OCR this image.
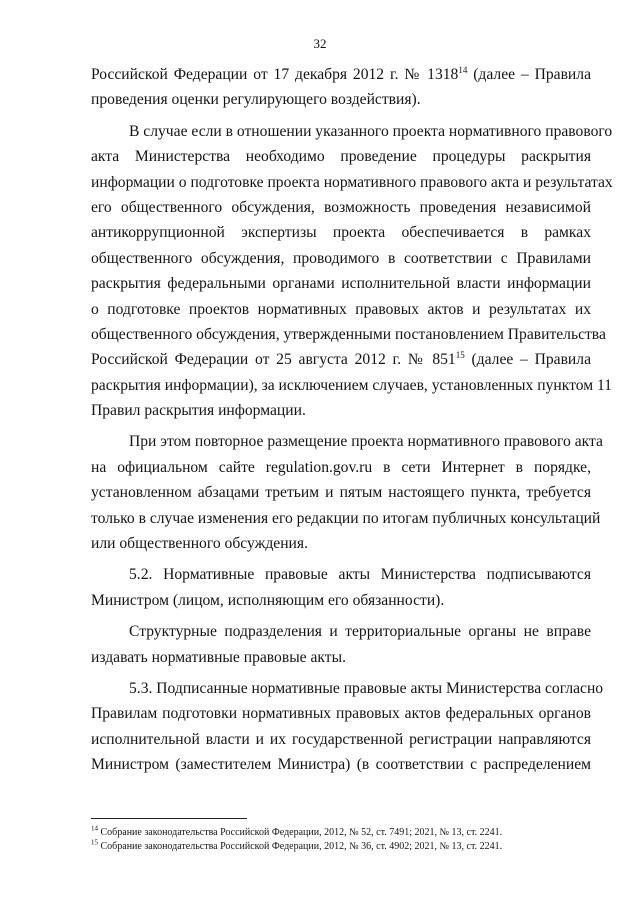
32
Российской Федерации от 17 декабря 2012 г. № 1318$^{14}$ (далее – Правила
проведения оценки регулирующего воздействия).
В случае если в отношении указанного проекта нормативного правового
акта Министерства необходимо проведение процедуры раскрытия
информации о подготовке проекта нормативного правового акта и результатах
его общественного обсуждения, возможность проведения независимой
антикоррупционной экспертизы проекта обеспечивается в рамках
общественного обсуждения, проводимого в соответствии с Правилами
раскрытия федеральными органами исполнительной власти информации
о подготовке проектов нормативных правовых актов и результатах их
общественного обсуждения, утвержденными постановлением Правительства
Российской Федерации от 25 августа 2012 г. № $851^{15}$ (далее – Правила
раскрытия информации), за исключением случаев, установленных пунктом 11
Правил раскрытия информации.
При этом повторное размещение проекта нормативного правового акта
на официальном сайте regulation.gov.ru в сети Интернет в порядке,
установленном абзацами третьим и пятым настоящего пункта, требуется
только в случае изменения его редакции по итогам публичных консультаций
или общественного обсуждения.
5.2. Нормативные правовые акты Министерства подписываются
Министром (лицом, исполняющим его обязанности).
Структурные подразделения и территориальные органы не вправе
издавать нормативные правовые акты.
5.3. Подписанные нормативные правовые акты Министерства согласно
Правилам подготовки нормативных правовых актов федеральных органов
исполнительной власти и их государственной регистрации направляются
Министром (заместителем Министра) (в соответствии с распределением
$^{14}$ Собрание законодательства Российской Федерации, 2012, № 52, ст. 7491; 2021, № 13, ст. 2241.
$^{15}$ Собрание законодательства Российской Федерации, 2012, № 36, ст. 4902; 2021, № 13, ст. 2241.
